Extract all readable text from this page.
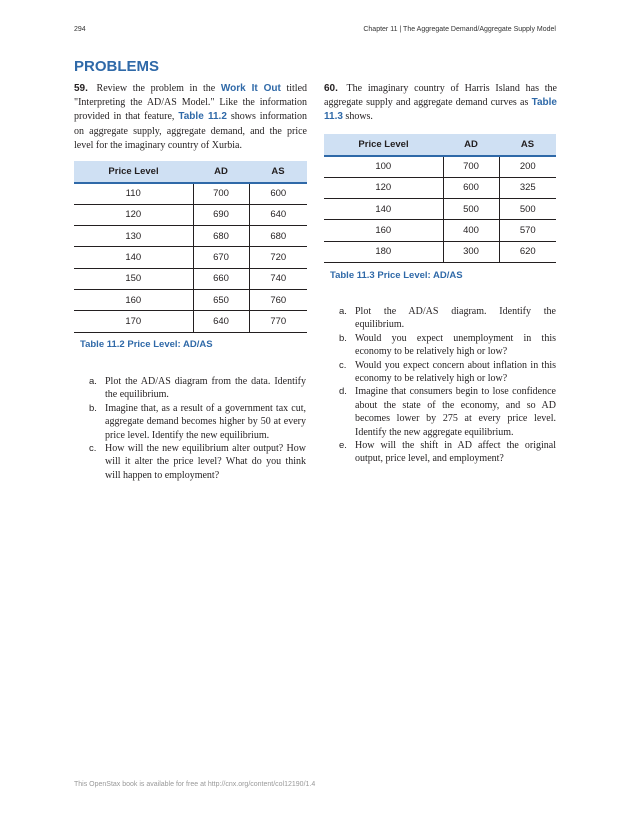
294	Chapter 11 | The Aggregate Demand/Aggregate Supply Model
PROBLEMS

59. Review the problem in the Work It Out titled "Interpreting the AD/AS Model." Like the information provided in that feature, Table 11.2 shows information on aggregate supply, aggregate demand, and the price level for the imaginary country of Xurbia.

Price Level	AD	AS
110	700	600
120	690	640
130	680	680
140	670	720
150	660	740
160	650	760
170	640	770
Table 11.2 Price Level: AD/AS
a. Plot the AD/AS diagram from the data. Identify the equilibrium.
b. Imagine that, as a result of a government tax cut, aggregate demand becomes higher by 50 at every price level. Identify the new equilibrium.
c. How will the new equilibrium alter output? How will it alter the price level? What do you think will happen to employment?

60. The imaginary country of Harris Island has the aggregate supply and aggregate demand curves as Table 11.3 shows.

Price Level	AD	AS
100	700	200
120	600	325
140	500	500
160	400	570
180	300	620
Table 11.3 Price Level: AD/AS
a. Plot the AD/AS diagram. Identify the equilibrium.
b. Would you expect unemployment in this economy to be relatively high or low?
c. Would you expect concern about inflation in this economy to be relatively high or low?
d. Imagine that consumers begin to lose confidence about the state of the economy, and so AD becomes lower by 275 at every price level. Identify the new aggregate equilibrium.
e. How will the shift in AD affect the original output, price level, and employment?
This OpenStax book is available for free at http://cnx.org/content/col12190/1.4
